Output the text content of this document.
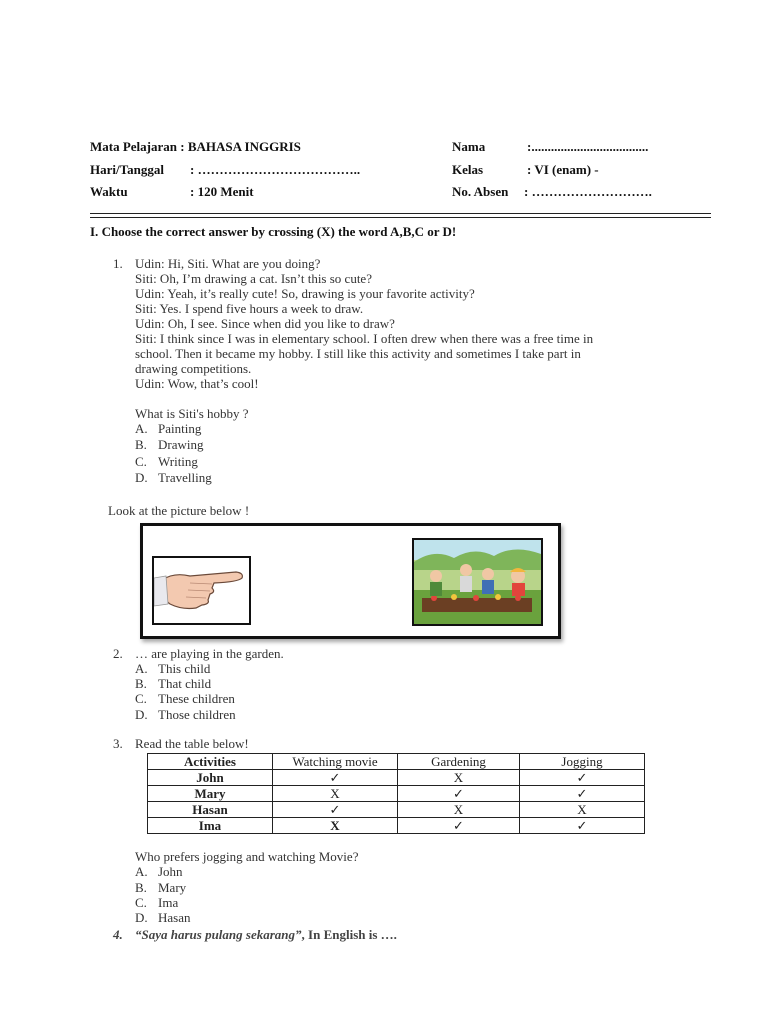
Mata Pelajaran : BAHASA INGGRIS
Hari/Tanggal : ………………………………..
Waktu	: 120 Menit
Nama	:....................................
Kelas	: VI (enam) -
No. Absen : ……………………….
I. Choose the correct answer by crossing (X) the word A,B,C or D!
1. Udin: Hi, Siti. What are you doing?
Siti: Oh, I’m drawing a cat. Isn’t this so cute?
Udin: Yeah, it’s really cute! So, drawing is your favorite activity?
Siti: Yes. I spend five hours a week to draw.
Udin: Oh, I see. Since when did you like to draw?
Siti: I think since I was in elementary school. I often drew when there was a free time in
school. Then it became my hobby. I still like this activity and sometimes I take part in
drawing competitions.
Udin: Wow, that’s cool!
What is Siti's hobby ?
A. Painting
B. Drawing
C. Writing
D. Travelling
Look at the picture below !
2. … are playing in the garden.
A. This child
B. That child
C. These children
D. Those children
3. Read the table below!
Activities	Watching movie	Gardening	Jogging
John	✓	X	✓
Mary	X	✓	✓
Hasan	✓	X	X
Ima	X	✓	✓
Who prefers jogging and watching Movie?
A. John
B. Mary
C. Ima
D. Hasan
4. “Saya harus pulang sekarang”, In English is ….
